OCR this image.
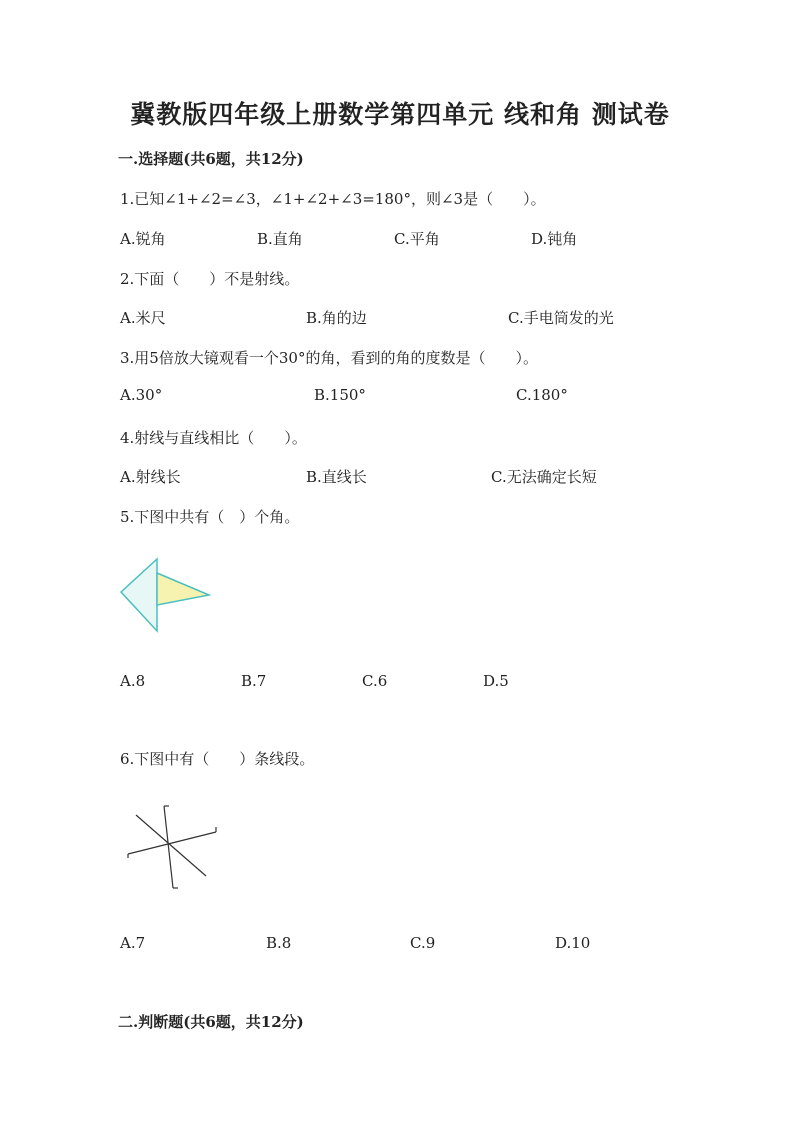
冀教版四年级上册数学第四单元 线和角 测试卷
一.选择题(共6题，共12分)
1.已知∠1+∠2=∠3，∠1+∠2+∠3=180°，则∠3是（　　）。
A.锐角	B.直角	C.平角	D.钝角
2.下面（　　）不是射线。
A.米尺	B.角的边	C.手电筒发的光
3.用5倍放大镜观看一个30°的角，看到的角的度数是（　　）。
A.30°	B.150°	C.180°
4.射线与直线相比（　　）。
A.射线长	B.直线长	C.无法确定长短
5.下图中共有（　）个角。
A.8	B.7	C.6	D.5
6.下图中有（　　）条线段。
A.7	B.8	C.9	D.10
二.判断题(共6题，共12分)
